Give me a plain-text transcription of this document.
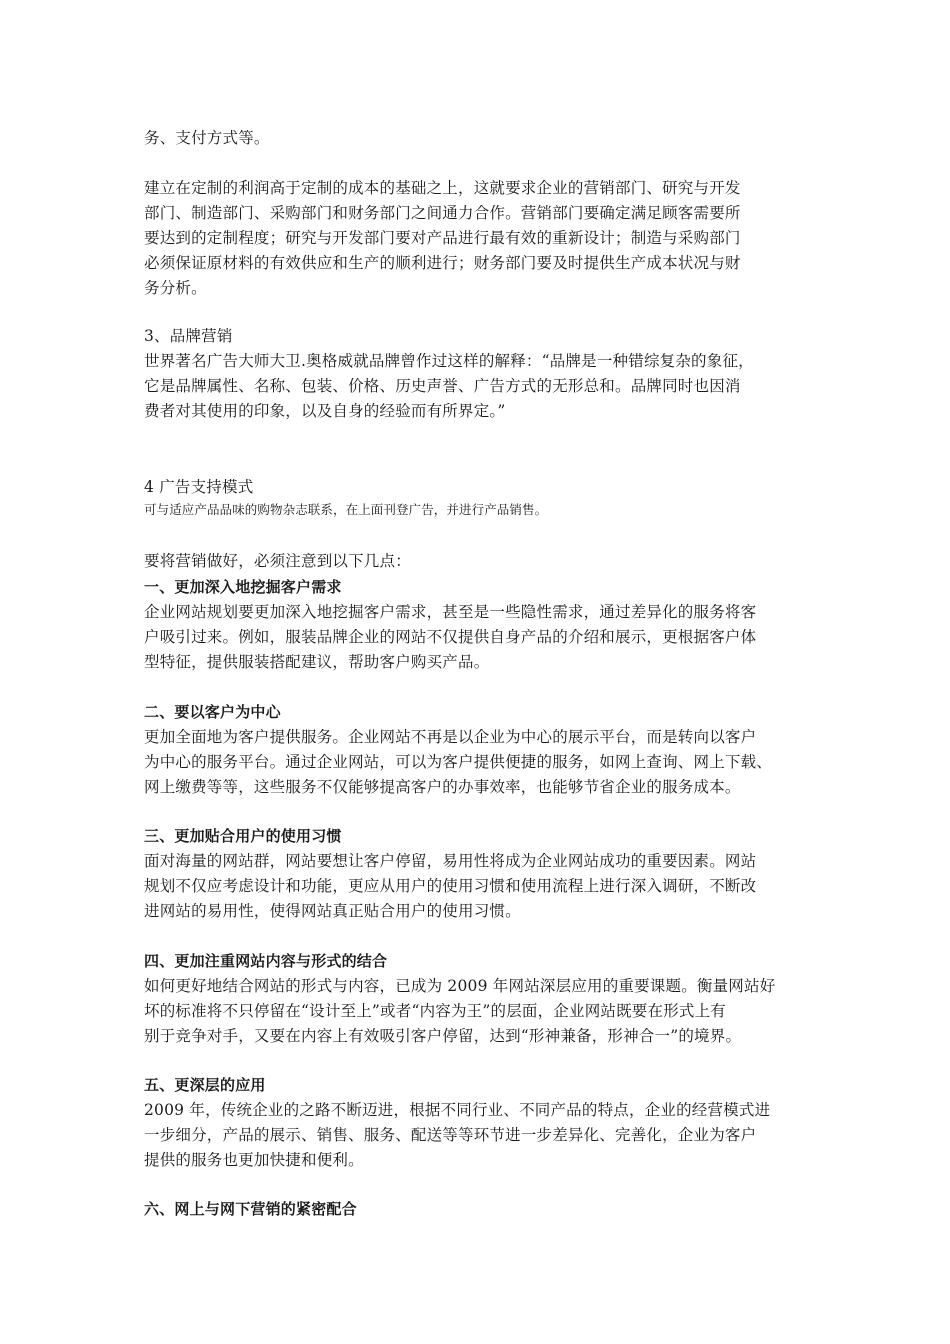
务、支付方式等。
建立在定制的利润高于定制的成本的基础之上，这就要求企业的营销部门、研究与开发
部门、制造部门、采购部门和财务部门之间通力合作。营销部门要确定满足顾客需要所
要达到的定制程度；研究与开发部门要对产品进行最有效的重新设计；制造与采购部门
必须保证原材料的有效供应和生产的顺利进行；财务部门要及时提供生产成本状况与财
务分析。
3、品牌营销
世界著名广告大师大卫.奥格威就品牌曾作过这样的解释：“品牌是一种错综复杂的象征，
它是品牌属性、名称、包装、价格、历史声誉、广告方式的无形总和。品牌同时也因消
费者对其使用的印象，以及自身的经验而有所界定。”
4 广告支持模式
可与适应产品品味的购物杂志联系，在上面刊登广告，并进行产品销售。
要将营销做好，必须注意到以下几点：
一、更加深入地挖掘客户需求
企业网站规划要更加深入地挖掘客户需求，甚至是一些隐性需求，通过差异化的服务将客
户吸引过来。例如，服装品牌企业的网站不仅提供自身产品的介绍和展示，更根据客户体
型特征，提供服装搭配建议，帮助客户购买产品。
二、要以客户为中心
更加全面地为客户提供服务。企业网站不再是以企业为中心的展示平台，而是转向以客户
为中心的服务平台。通过企业网站，可以为客户提供便捷的服务，如网上查询、网上下载、
网上缴费等等，这些服务不仅能够提高客户的办事效率，也能够节省企业的服务成本。
三、更加贴合用户的使用习惯
面对海量的网站群，网站要想让客户停留，易用性将成为企业网站成功的重要因素。网站
规划不仅应考虑设计和功能，更应从用户的使用习惯和使用流程上进行深入调研，不断改
进网站的易用性，使得网站真正贴合用户的使用习惯。
四、更加注重网站内容与形式的结合
如何更好地结合网站的形式与内容，已成为 2009 年网站深层应用的重要课题。衡量网站好
坏的标准将不只停留在“设计至上”或者“内容为王”的层面，企业网站既要在形式上有
别于竞争对手，又要在内容上有效吸引客户停留，达到“形神兼备，形神合一”的境界。
五、更深层的应用
2009 年，传统企业的之路不断迈进，根据不同行业、不同产品的特点，企业的经营模式进
一步细分，产品的展示、销售、服务、配送等等环节进一步差异化、完善化，企业为客户
提供的服务也更加快捷和便利。
六、网上与网下营销的紧密配合
